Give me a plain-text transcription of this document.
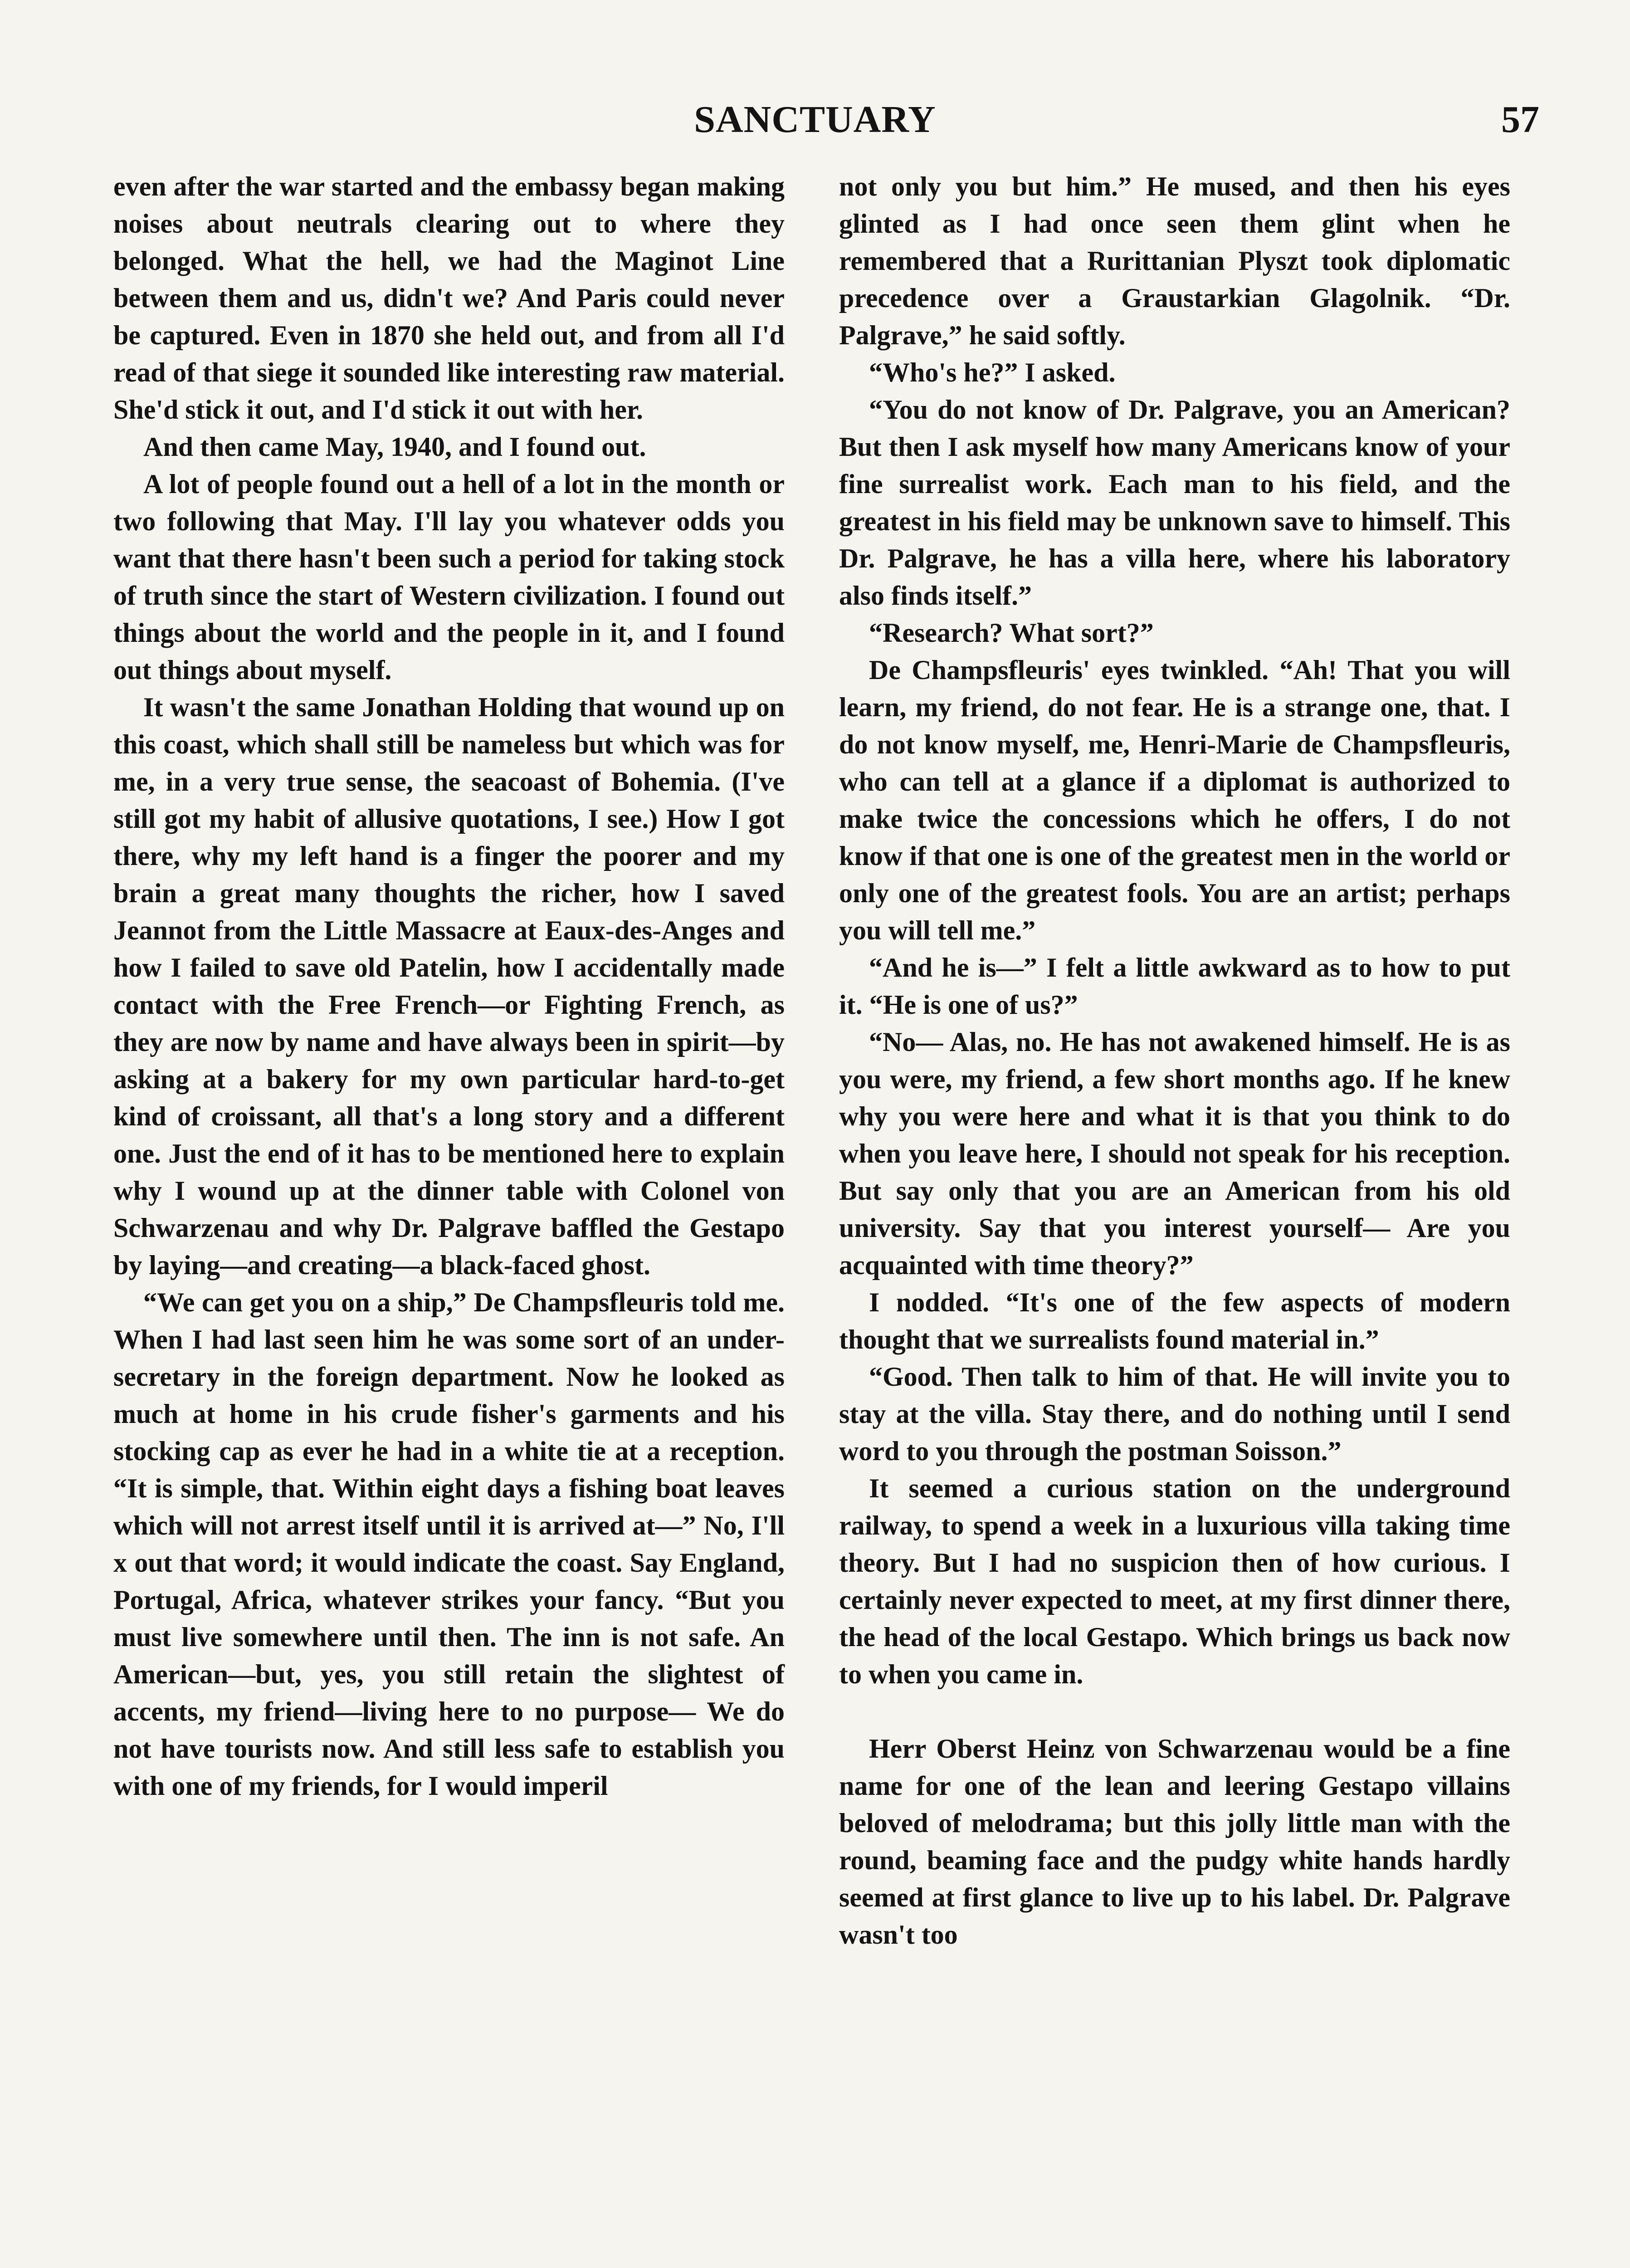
SANCTUARY	57

even after the war started and the embassy began making noises about neutrals clearing out to where they belonged. What the hell, we had the Maginot Line between them and us, didn't we? And Paris could never be captured. Even in 1870 she held out, and from all I'd read of that siege it sounded like interesting raw material. She'd stick it out, and I'd stick it out with her.

And then came May, 1940, and I found out.

A lot of people found out a hell of a lot in the month or two following that May. I'll lay you whatever odds you want that there hasn't been such a period for taking stock of truth since the start of Western civilization. I found out things about the world and the people in it, and I found out things about myself.

It wasn't the same Jonathan Holding that wound up on this coast, which shall still be nameless but which was for me, in a very true sense, the seacoast of Bohemia. (I've still got my habit of allusive quotations, I see.) How I got there, why my left hand is a finger the poorer and my brain a great many thoughts the richer, how I saved Jeannot from the Little Massacre at Eaux-des-Anges and how I failed to save old Patelin, how I accidentally made contact with the Free French—or Fighting French, as they are now by name and have always been in spirit—by asking at a bakery for my own particular hard-to-get kind of croissant, all that's a long story and a different one. Just the end of it has to be mentioned here to explain why I wound up at the dinner table with Colonel von Schwarzenau and why Dr. Palgrave baffled the Gestapo by laying—and creating—a black-faced ghost.

“We can get you on a ship,” De Champsfleuris told me. When I had last seen him he was some sort of an under-secretary in the foreign department. Now he looked as much at home in his crude fisher's garments and his stocking cap as ever he had in a white tie at a reception. “It is simple, that. Within eight days a fishing boat leaves which will not arrest itself until it is arrived at—” No, I'll x out that word; it would indicate the coast. Say England, Portugal, Africa, whatever strikes your fancy. “But you must live somewhere until then. The inn is not safe. An American—but, yes, you still retain the slightest of accents, my friend—living here to no purpose— We do not have tourists now. And still less safe to establish you with one of my friends, for I would imperil

not only you but him.” He mused, and then his eyes glinted as I had once seen them glint when he remembered that a Rurittanian Plyszt took diplomatic precedence over a Graustarkian Glagolnik. “Dr. Palgrave,” he said softly.

“Who's he?” I asked.

“You do not know of Dr. Palgrave, you an American? But then I ask myself how many Americans know of your fine surrealist work. Each man to his field, and the greatest in his field may be unknown save to himself. This Dr. Palgrave, he has a villa here, where his laboratory also finds itself.”

“Research? What sort?”

De Champsfleuris' eyes twinkled. “Ah! That you will learn, my friend, do not fear. He is a strange one, that. I do not know myself, me, Henri-Marie de Champsfleuris, who can tell at a glance if a diplomat is authorized to make twice the concessions which he offers, I do not know if that one is one of the greatest men in the world or only one of the greatest fools. You are an artist; perhaps you will tell me.”

“And he is—” I felt a little awkward as to how to put it. “He is one of us?”

“No— Alas, no. He has not awakened himself. He is as you were, my friend, a few short months ago. If he knew why you were here and what it is that you think to do when you leave here, I should not speak for his reception. But say only that you are an American from his old university. Say that you interest yourself— Are you acquainted with time theory?”

I nodded. “It's one of the few aspects of modern thought that we surrealists found material in.”

“Good. Then talk to him of that. He will invite you to stay at the villa. Stay there, and do nothing until I send word to you through the postman Soisson.”

It seemed a curious station on the underground railway, to spend a week in a luxurious villa taking time theory. But I had no suspicion then of how curious. I certainly never expected to meet, at my first dinner there, the head of the local Gestapo. Which brings us back now to when you came in.

Herr Oberst Heinz von Schwarzenau would be a fine name for one of the lean and leering Gestapo villains beloved of melodrama; but this jolly little man with the round, beaming face and the pudgy white hands hardly seemed at first glance to live up to his label. Dr. Palgrave wasn't too
